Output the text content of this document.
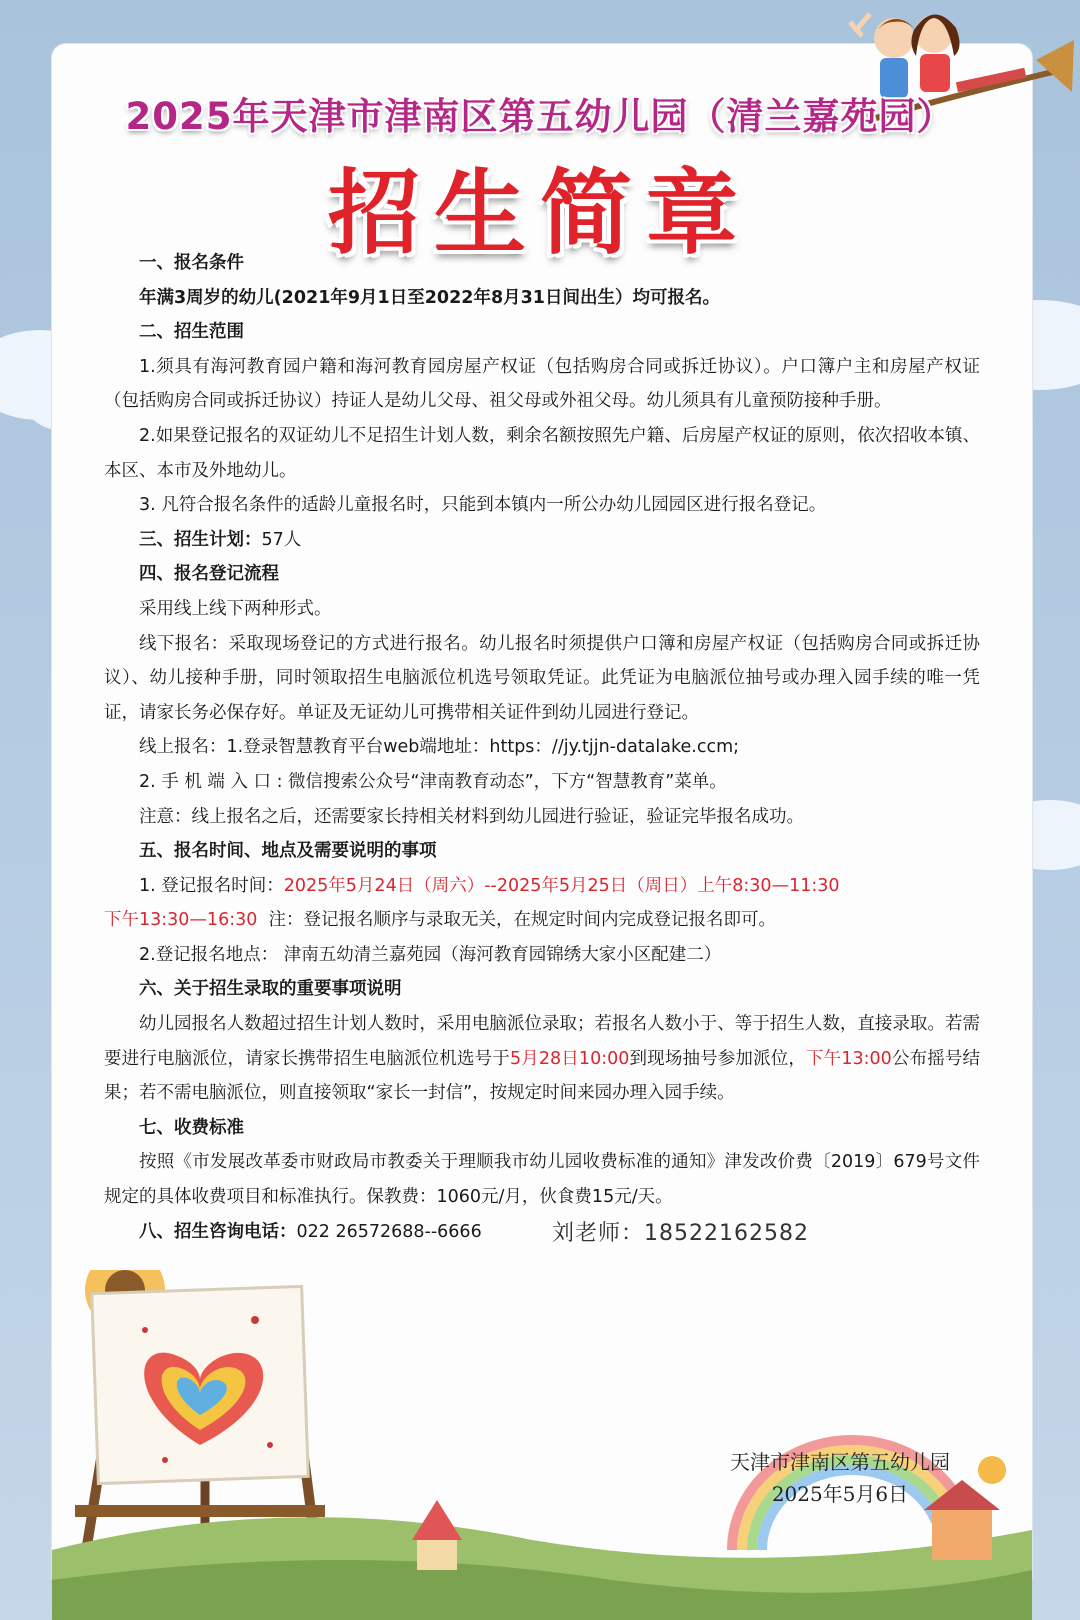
2025年天津市津南区第五幼儿园（清兰嘉苑园）
招生简章
一、报名条件
年满3周岁的幼儿(2021年9月1日至2022年8月31日间出生）均可报名。
二、招生范围
1.须具有海河教育园户籍和海河教育园房屋产权证（包括购房合同或拆迁协议）。户口簿户主和房屋产权证（包括购房合同或拆迁协议）持证人是幼儿父母、祖父母或外祖父母。幼儿须具有儿童预防接种手册。
2.如果登记报名的双证幼儿不足招生计划人数，剩余名额按照先户籍、后房屋产权证的原则，依次招收本镇、本区、本市及外地幼儿。
3. 凡符合报名条件的适龄儿童报名时，只能到本镇内一所公办幼儿园园区进行报名登记。
三、招生计划：57人
四、报名登记流程
采用线上线下两种形式。
线下报名：采取现场登记的方式进行报名。幼儿报名时须提供户口簿和房屋产权证（包括购房合同或拆迁协议）、幼儿接种手册，同时领取招生电脑派位机选号领取凭证。此凭证为电脑派位抽号或办理入园手续的唯一凭证，请家长务必保存好。单证及无证幼儿可携带相关证件到幼儿园进行登记。
线上报名：1.登录智慧教育平台web端地址：https：//jy.tjjn-datalake.ccm;
2. 手 机 端 入 口 : 微信搜索公众号“津南教育动态”，下方“智慧教育”菜单。
注意：线上报名之后，还需要家长持相关材料到幼儿园进行验证，验证完毕报名成功。
五、报名时间、地点及需要说明的事项
1. 登记报名时间：2025年5月24日（周六）--2025年5月25日（周日）上午8:30—11:30
下午13:30—16:30 注：登记报名顺序与录取无关，在规定时间内完成登记报名即可。
2.登记报名地点： 津南五幼清兰嘉苑园（海河教育园锦绣大家小区配建二）
六、关于招生录取的重要事项说明
幼儿园报名人数超过招生计划人数时，采用电脑派位录取；若报名人数小于、等于招生人数，直接录取。若需要进行电脑派位，请家长携带招生电脑派位机选号于5月28日10:00到现场抽号参加派位，下午13:00公布摇号结果；若不需电脑派位，则直接领取“家长一封信”，按规定时间来园办理入园手续。
七、收费标准
按照《市发展改革委市财政局市教委关于理顺我市幼儿园收费标准的通知》津发改价费〔2019〕679号文件规定的具体收费项目和标准执行。保教费：1060元/月，伙食费15元/天。
八、招生咨询电话：022 26572688--6666	刘老师：18522162582
天津市津南区第五幼儿园
2025年5月6日
